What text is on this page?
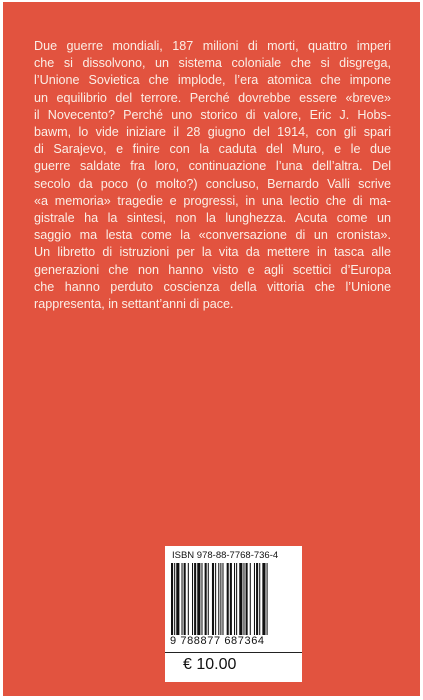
Due guerre mondiali, 187 milioni di morti, quattro imperi
che si dissolvono, un sistema coloniale che si disgrega,
l’Unione Sovietica che implode, l’era atomica che impone
un equilibrio del terrore. Perché dovrebbe essere «breve»
il Novecento? Perché uno storico di valore, Eric J. Hobs-
bawm, lo vide iniziare il 28 giugno del 1914, con gli spari
di Sarajevo, e finire con la caduta del Muro, e le due
guerre saldate fra loro, continuazione l’una dell’altra. Del
secolo da poco (o molto?) concluso, Bernardo Valli scrive
«a memoria» tragedie e progressi, in una lectio che di ma-
gistrale ha la sintesi, non la lunghezza. Acuta come un
saggio ma lesta come la «conversazione di un cronista».
Un libretto di istruzioni per la vita da mettere in tasca alle
generazioni che non hanno visto e agli scettici d’Europa
che hanno perduto coscienza della vittoria che l’Unione
rappresenta, in settant’anni di pace.
ISBN 978-88-7768-736-4
9 788877 687364
€ 10.00
